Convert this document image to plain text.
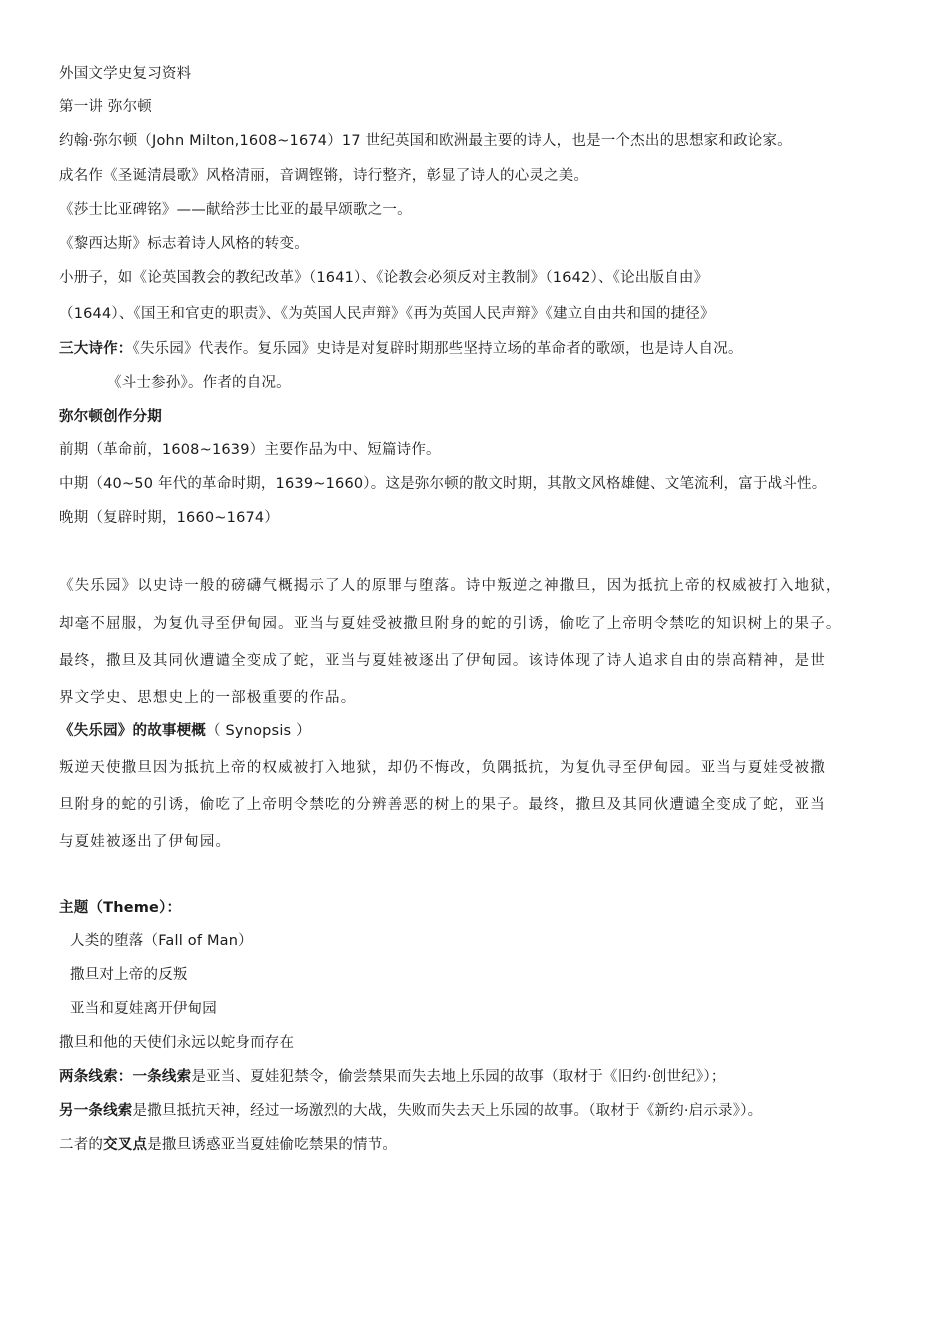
外国文学史复习资料
第一讲 弥尔顿
约翰·弥尔顿（John Milton,1608~1674）17 世纪英国和欧洲最主要的诗人，也是一个杰出的思想家和政论家。
成名作《圣诞清晨歌》风格清丽，音调铿锵，诗行整齐，彰显了诗人的心灵之美。
《莎士比亚碑铭》——献给莎士比亚的最早颂歌之一。
《黎西达斯》标志着诗人风格的转变。
小册子，如《论英国教会的教纪改革》（1641）、《论教会必须反对主教制》（1642）、《论出版自由》
（1644）、《国王和官吏的职责》、《为英国人民声辩》《再为英国人民声辩》《建立自由共和国的捷径》
三大诗作：《失乐园》代表作。复乐园》史诗是对复辟时期那些坚持立场的革命者的歌颂，也是诗人自况。
《斗士参孙》。作者的自况。
弥尔顿创作分期
前期（革命前，1608~1639）主要作品为中、短篇诗作。
中期（40~50 年代的革命时期，1639~1660）。这是弥尔顿的散文时期，其散文风格雄健、文笔流利，富于战斗性。
晚期（复辟时期，1660~1674）
《失乐园》以史诗一般的磅礴气概揭示了人的原罪与堕落。诗中叛逆之神撒旦，因为抵抗上帝的权威被打入地狱，
却毫不屈服，为复仇寻至伊甸园。亚当与夏娃受被撒旦附身的蛇的引诱，偷吃了上帝明令禁吃的知识树上的果子。
最终，撒旦及其同伙遭谴全变成了蛇，亚当与夏娃被逐出了伊甸园。该诗体现了诗人追求自由的崇高精神，是世
界文学史、思想史上的一部极重要的作品。
《失乐园》的故事梗概（ Synopsis ）
叛逆天使撒旦因为抵抗上帝的权威被打入地狱，却仍不悔改，负隅抵抗，为复仇寻至伊甸园。亚当与夏娃受被撒
旦附身的蛇的引诱，偷吃了上帝明令禁吃的分辨善恶的树上的果子。最终，撒旦及其同伙遭谴全变成了蛇，亚当
与夏娃被逐出了伊甸园。
主题（Theme）：
人类的堕落（Fall of Man）
撒旦对上帝的反叛
亚当和夏娃离开伊甸园
撒旦和他的天使们永远以蛇身而存在
两条线索：一条线索是亚当、夏娃犯禁令，偷尝禁果而失去地上乐园的故事（取材于《旧约·创世纪》）；
另一条线索是撒旦抵抗天神，经过一场激烈的大战，失败而失去天上乐园的故事。（取材于《新约·启示录》）。
二者的交叉点是撒旦诱惑亚当夏娃偷吃禁果的情节。
